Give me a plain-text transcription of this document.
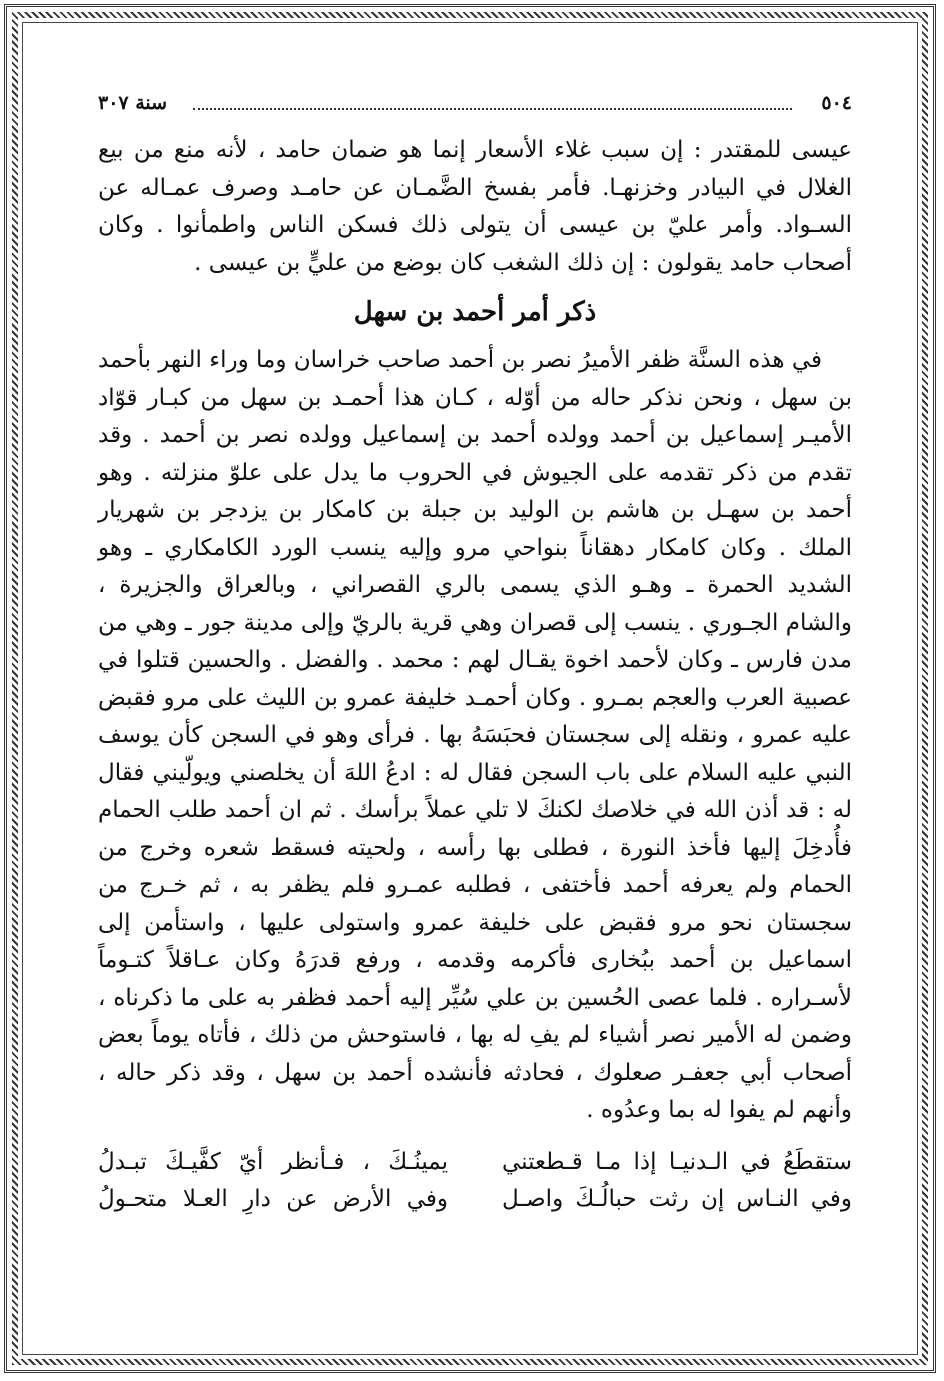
٥٠٤
سنة ٣٠٧

عيسى للمقتدر : إن سبب غلاء الأسعار إنما هو ضمان حامد ، لأنه منع من بيع الغلال في البيادر وخزنهـا. فأمر بفسخ الضَّمـان عن حامـد وصرف عمـاله عن السـواد. وأمر عليّ بن عيسى أن يتولى ذلك فسكن الناس واطمأنوا . وكان أصحاب حامد يقولون : إن ذلك الشغب كان بوضع من عليٍّ بن عيسى .

ذكر أمر أحمد بن سهل

في هذه السنَّة ظفر الأميرُ نصر بن أحمد صاحب خراسان وما وراء النهر بأحمد بن سهل ، ونحن نذكر حاله من أوّله ، كـان هذا أحمـد بن سهل من كبـار قوّاد الأميـر إسماعيل بن أحمد وولده أحمد بن إسماعيل وولده نصر بن أحمد . وقد تقدم من ذكر تقدمه على الجيوش في الحروب ما يدل على علوّ منزلته . وهو أحمد بن سهـل بن هاشم بن الوليد بن جبلة بن كامكار بن يزدجر بن شهريار الملك . وكان كامكار دهقاناً بنواحي مرو وإليه ينسب الورد الكامكاري ـ وهو الشديد الحمرة ـ وهـو الذي يسمى بالري القصراني ، وبالعراق والجزيرة ، والشام الجـوري . ينسب إلى قصران وهي قرية بالريّ وإلى مدينة جور ـ وهي من مدن فارس ـ وكان لأحمد اخوة يقـال لهم : محمد . والفضل . والحسين قتلوا في عصبية العرب والعجم بمـرو . وكان أحمـد خليفة عمرو بن الليث على مرو فقبض عليه عمرو ، ونقله إلى سجستان فحبَسَهُ بها . فرأى وهو في السجن كأن يوسف النبي عليه السلام على باب السجن فقال له : ادعُ اللهَ أن يخلصني ويولّيني فقال له : قد أذن الله في خلاصك لكنكَ لا تلي عملاً برأسك . ثم ان أحمد طلب الحمام فأُدخِلَ إليها فأخذ النورة ، فطلى بها رأسه ، ولحيته فسقط شعره وخرج من الحمام ولم يعرفه أحمد فأختفى ، فطلبه عمـرو فلم يظفر به ، ثم خـرج من سجستان نحو مرو فقبض على خليفة عمرو واستولى عليها ، واستأمن إلى اسماعيل بن أحمد ببُخارى فأكرمه وقدمه ، ورفع قدرَهُ وكان عـاقلاً كتـوماً لأسـراره . فلما عصى الحُسين بن علي سُيِّر إليه أحمد فظفر به على ما ذكرناه ، وضمن له الأمير نصر أشياء لم يفِ له بها ، فاستوحش من ذلك ، فأتاه يوماً بعض أصحاب أبي جعفـر صعلوك ، فحادثه فأنشده أحمد بن سهل ، وقد ذكر حاله ، وأنهم لم يفوا له بما وعدُوه .

ستقطَعُ في الـدنيـا إذا مـا قـطعتني
يمينُـكَ ، فـأنظر أيّ كفَّيـكَ تبـدلُ
وفي النـاس إن رثت حبالُـكَ واصـل
وفي الأرض عن دارِ العـلا متحـولُ
